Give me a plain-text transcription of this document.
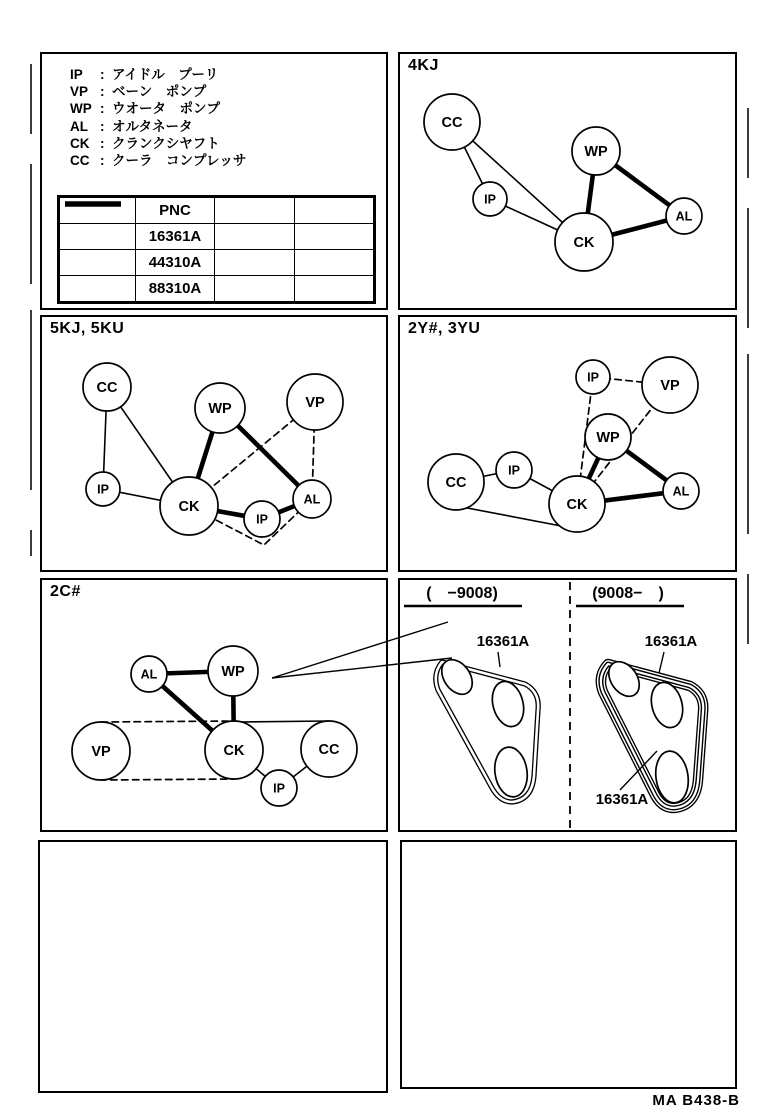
IP : アイドル　プーリ
VP : ベーン　ポンプ
WP : ウオータ　ポンプ
AL : オルタネータ
CK : クランクシヤフト
CC : クーラ　コンプレッサ
	PNC		

	16361A		

	44310A		

	88310A		
4KJ
CC
IP
WP
CK
AL
5KJ, 5KU
CC
WP	VP
IP
CK
IP
AL
2Y#, 3YU
IP
VP
WP
CC
IP
CK
AL
2C#
AL	WP
VP	CK	CC
IP
(　−9008)
16361A
(9008−　)
16361A
16361A
MA B438-B
